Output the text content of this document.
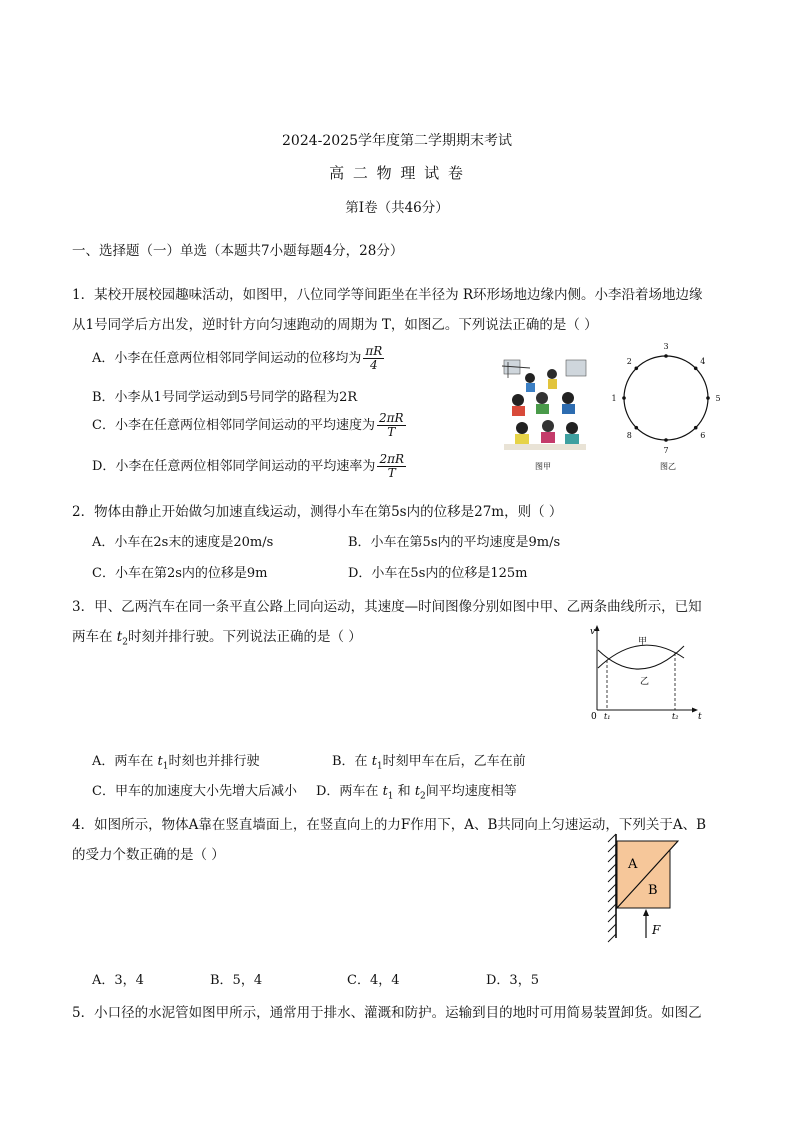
2024-2025学年度第二学期期末考试
高 二 物 理 试 卷
第Ⅰ卷（共46分）
一、选择题（一）单选（本题共7小题每题4分，28分）
1．某校开展校园趣味活动，如图甲，八位同学等间距坐在半径为 R环形场地边缘内侧。小李沿着场地边缘
从1号同学后方出发，逆时针方向匀速跑动的周期为 T，如图乙。下列说法正确的是（ ）
A．小李在任意两位相邻同学间运动的位移均为 $\frac{\pi R}{4}$
B．小李从1号同学运动到5号同学的路程为2R
C．小李在任意两位相邻同学间运动的平均速度为 $\frac{2\pi R}{T}$
D．小李在任意两位相邻同学间运动的平均速率为 $\frac{2\pi R}{T}$	图甲
1
2
3
4
5
6
7
8
图乙
2．物体由静止开始做匀加速直线运动，测得小车在第5s内的位移是27m，则（ ）
A．小车在2s末的速度是20m/s	B．小车在第5s内的平均速度是9m/s
C．小车在第2s内的位移是9m	D．小车在5s内的位移是125m
3．甲、乙两汽车在同一条平直公路上同向运动，其速度—时间图像分别如图中甲、乙两条曲线所示，已知
两车在 $t_2$时刻并排行驶。下列说法正确的是（ ）	v
t
0
甲
乙
t₁	t₂
A．两车在 $t_1$时刻也并排行驶	B．在 $t_1$时刻甲车在后，乙车在前
C．甲车的加速度大小先增大后减小 D．两车在 $t_1$ 和 $t_2$间平均速度相等
4．如图所示，物体A靠在竖直墙面上，在竖直向上的力F作用下，A、B共同向上匀速运动，下列关于A、B
的受力个数正确的是（ ）
A
B
F
A．3，4	B．5，4	C．4，4	D．3，5
5．小口径的水泥管如图甲所示，通常用于排水、灌溉和防护。运输到目的地时可用简易装置卸货。如图乙
